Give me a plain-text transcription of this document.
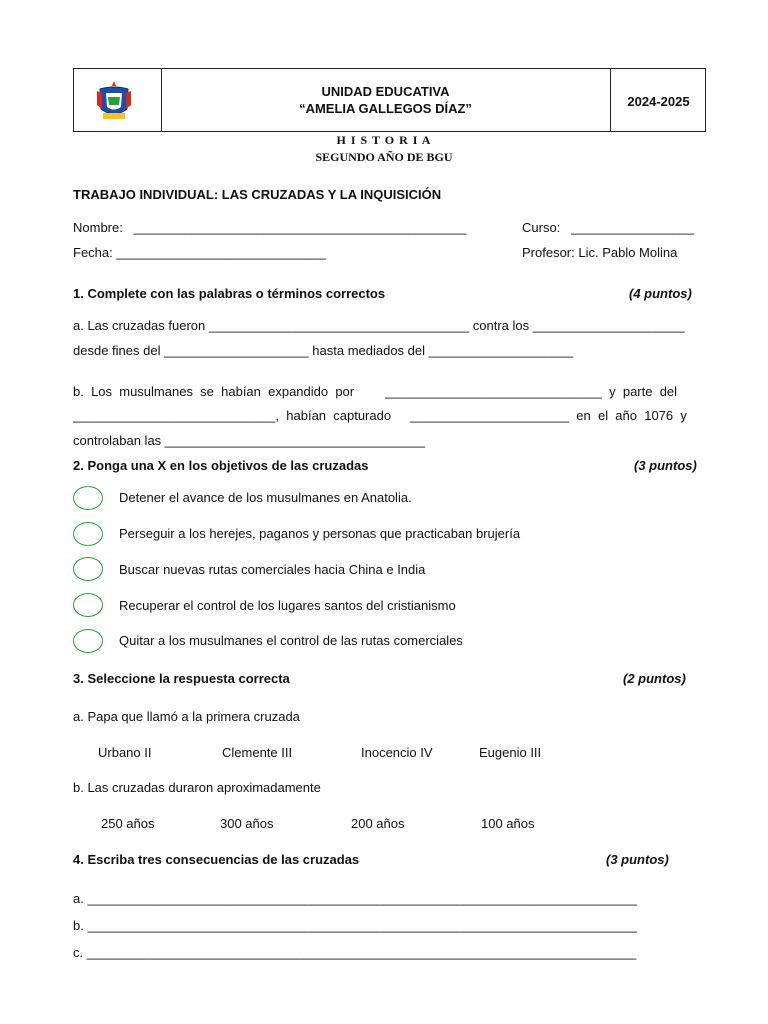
UNIDAD EDUCATIVA
“AMELIA GALLEGOS DÍAZ”	2024-2025
H I S T O R I A
SEGUNDO AÑO DE BGU
TRABAJO INDIVIDUAL: LAS CRUZADAS Y LA INQUISICIÓN
Nombre:   ______________________________________________	Curso:   _________________
Fecha: _____________________________	Profesor: Lic. Pablo Molina
1. Complete con las palabras o términos correctos	(4 puntos)
a. Las cruzadas fueron ____________________________________ contra los _____________________
desde fines del ____________________ hasta mediados del ____________________
b.  Los  musulmanes  se  habían  expandido  por ______________________________  y  parte  del
____________________________,  habían  capturado ______________________  en  el  año  1076  y
controlaban las ____________________________________
2. Ponga una X en los objetivos de las cruzadas	(3 puntos)
Detener el avance de los musulmanes en Anatolia.
Perseguir a los herejes, paganos y personas que practicaban brujería
Buscar nuevas rutas comerciales hacia China e India
Recuperar el control de los lugares santos del cristianismo
Quitar a los musulmanes el control de las rutas comerciales
3. Seleccione la respuesta correcta	(2 puntos)
a. Papa que llamó a la primera cruzada
Urbano II	Clemente III	Inocencio IV	Eugenio III
b. Las cruzadas duraron aproximadamente
250 años	300 años	200 años	100 años
4. Escriba tres consecuencias de las cruzadas	(3 puntos)
a. ____________________________________________________________________________
b. ____________________________________________________________________________
c. ____________________________________________________________________________
